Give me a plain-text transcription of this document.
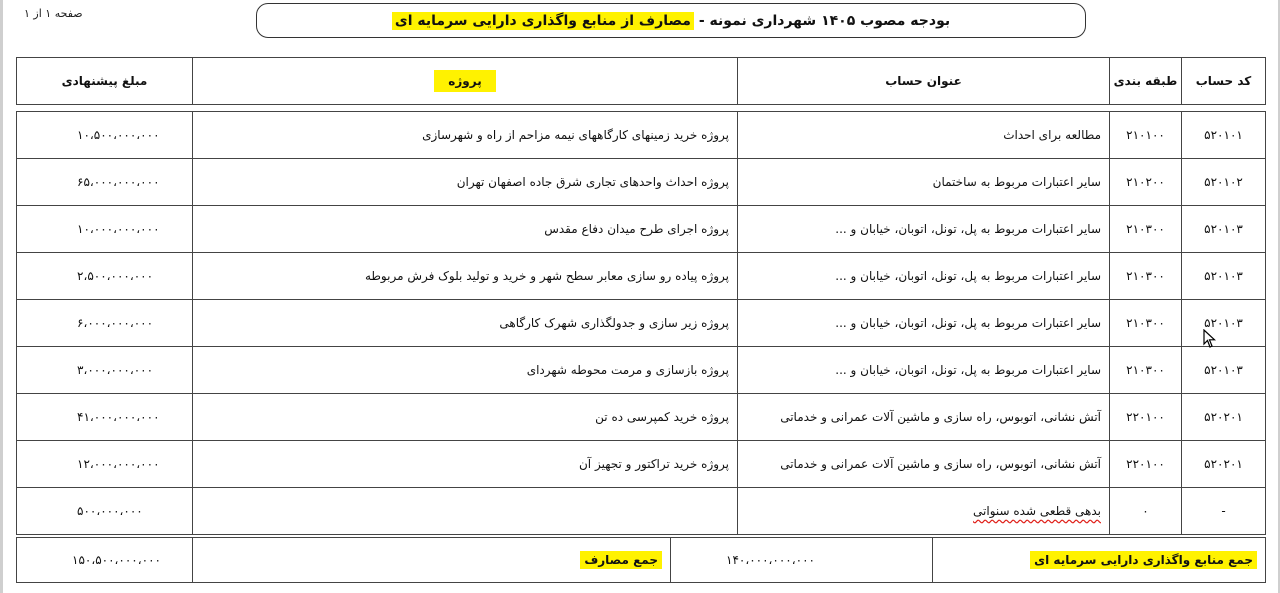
صفحه ۱ از ۱	بودجه مصوب ۱۴۰۵ شهرداری نمونه -

مصارف از منابع واگذاری دارایی سرمایه ای
کد حساب	طبقه بندی	عنوان حساب	پروژه	مبلغ پیشنهادی
۵۲۰۱۰۱	۲۱۰۱۰۰	مطالعه برای احداث	پروژه خرید زمینهای کارگاههای نیمه مزاحم از راه و شهرسازی	۱۰،۵۰۰،۰۰۰،۰۰۰
۵۲۰۱۰۲	۲۱۰۲۰۰	سایر اعتبارات مربوط به ساختمان	پروژه احداث واحدهای تجاری شرق جاده اصفهان تهران	۶۵،۰۰۰،۰۰۰،۰۰۰
۵۲۰۱۰۳	۲۱۰۳۰۰	سایر اعتبارات مربوط به پل، تونل، اتوبان، خیابان و ...	پروژه اجرای طرح میدان دفاع مقدس	۱۰،۰۰۰،۰۰۰،۰۰۰
۵۲۰۱۰۳	۲۱۰۳۰۰	سایر اعتبارات مربوط به پل، تونل، اتوبان، خیابان و ...	پروژه پیاده رو سازی معابر سطح شهر و خرید و تولید بلوک فرش مربوطه	۲،۵۰۰،۰۰۰،۰۰۰
۵۲۰۱۰۳	۲۱۰۳۰۰	سایر اعتبارات مربوط به پل، تونل، اتوبان، خیابان و ...	پروژه زیر سازی و جدولگذاری شهرک کارگاهی	۶،۰۰۰،۰۰۰،۰۰۰
۵۲۰۱۰۳	۲۱۰۳۰۰	سایر اعتبارات مربوط به پل، تونل، اتوبان، خیابان و ...	پروژه بازسازی و مرمت محوطه شهردای	۳،۰۰۰،۰۰۰،۰۰۰
۵۲۰۲۰۱	۲۲۰۱۰۰	آتش نشانی، اتوبوس، راه سازی و ماشین آلات عمرانی و خدماتی	پروژه خرید کمپرسی ده تن	۴۱،۰۰۰،۰۰۰،۰۰۰
۵۲۰۲۰۱	۲۲۰۱۰۰	آتش نشانی، اتوبوس، راه سازی و ماشین آلات عمرانی و خدماتی	پروژه خرید تراکتور و تجهیز آن	۱۲،۰۰۰،۰۰۰،۰۰۰
-	۰	بدهی قطعی شده سنواتی		۵۰۰،۰۰۰،۰۰۰
جمع منابع واگذاری دارایی سرمایه ای	۱۴۰،۰۰۰،۰۰۰،۰۰۰	جمع مصارف	۱۵۰،۵۰۰،۰۰۰،۰۰۰
